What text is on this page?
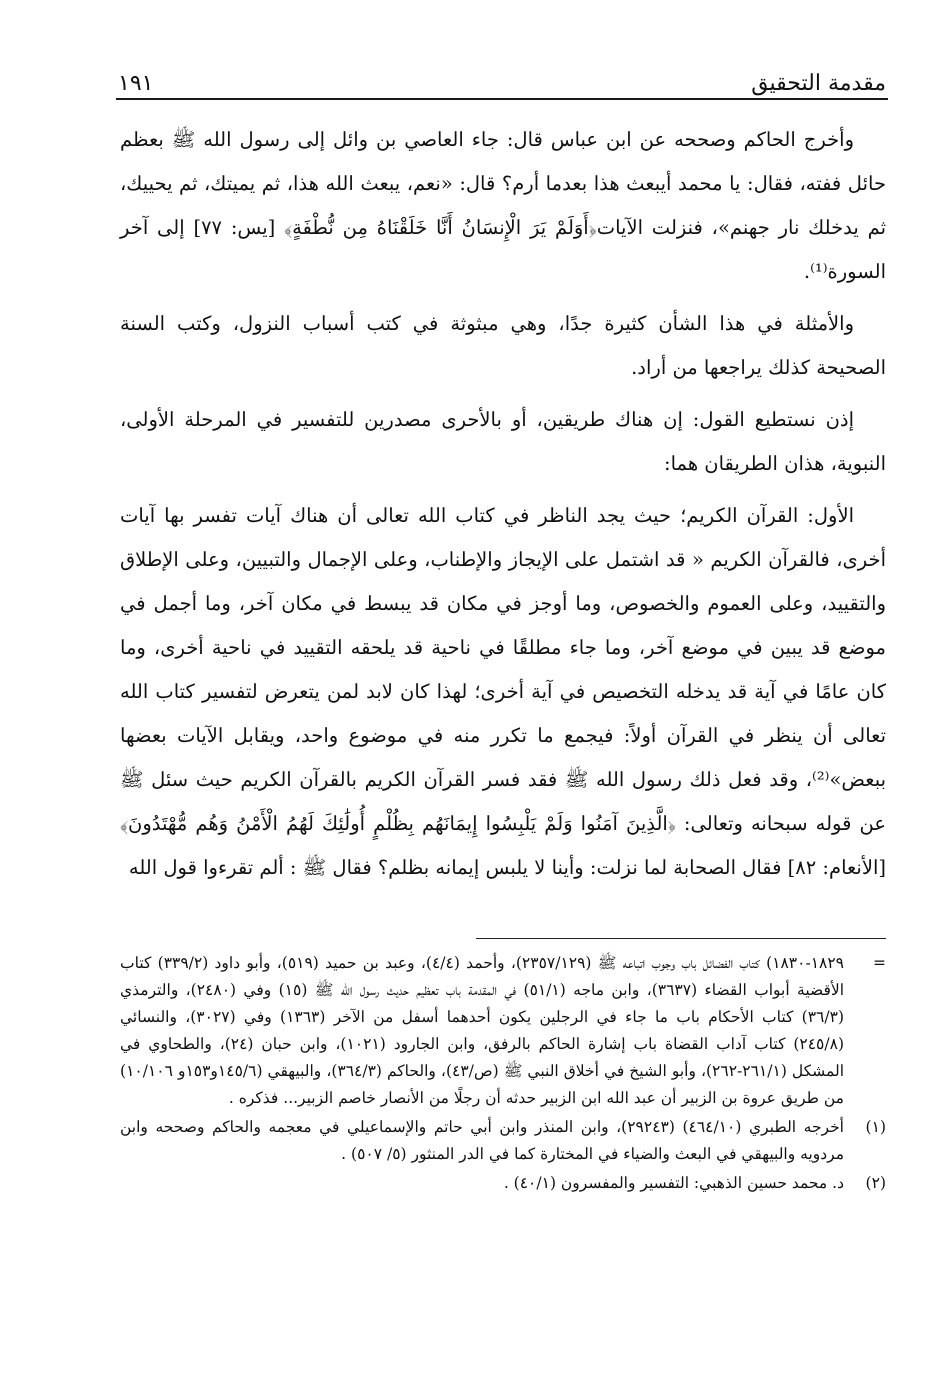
مقدمة التحقيق
١٩١

وأخرج الحاكم وصححه عن ابن عباس قال: جاء العاصي بن وائل إلى رسول الله ﷺ بعظم حائل ففته، فقال: يا محمد أيبعث هذا بعدما أرم؟ قال: «نعم، يبعث الله هذا، ثم يميتك، ثم يحييك، ثم يدخلك نار جهنم»، فنزلت الآيات﴿أَوَلَمْ يَرَ الْإِنسَانُ أَنَّا خَلَقْنَاهُ مِن نُّطْفَةٍ﴾ [يس: ٧٧] إلى آخر السورة⁽¹⁾.

والأمثلة في هذا الشأن كثيرة جدًا، وهي مبثوثة في كتب أسباب النزول، وكتب السنة الصحيحة كذلك يراجعها من أراد.

إذن نستطيع القول: إن هناك طريقين، أو بالأحرى مصدرين للتفسير في المرحلة الأولى، النبوية، هذان الطريقان هما:

الأول: القرآن الكريم؛ حيث يجد الناظر في كتاب الله تعالى أن هناك آيات تفسر بها آيات أخرى، فالقرآن الكريم « قد اشتمل على الإيجاز والإطناب، وعلى الإجمال والتبيين، وعلى الإطلاق والتقييد، وعلى العموم والخصوص، وما أوجز في مكان قد يبسط في مكان آخر، وما أجمل في موضع قد يبين في موضع آخر، وما جاء مطلقًا في ناحية قد يلحقه التقييد في ناحية أخرى، وما كان عامًا في آية قد يدخله التخصيص في آية أخرى؛ لهذا كان لابد لمن يتعرض لتفسير كتاب الله تعالى أن ينظر في القرآن أولاً: فيجمع ما تكرر منه في موضوع واحد، ويقابل الآيات بعضها ببعض»⁽²⁾، وقد فعل ذلك رسول الله ﷺ فقد فسر القرآن الكريم بالقرآن الكريم حيث سئل ﷺ عن قوله سبحانه وتعالى: ﴿الَّذِينَ آمَنُوا وَلَمْ يَلْبِسُوا إِيمَانَهُم بِظُلْمٍ أُولَٰئِكَ لَهُمُ الْأَمْنُ وَهُم مُّهْتَدُونَ﴾ [الأنعام: ٨٢] فقال الصحابة لما نزلت: وأينا لا يلبس إيمانه بظلم؟ فقال ﷺ : ألم تقرءوا قول الله

=
١٨٢٩-١٨٣٠) كتاب الفضائل باب وجوب اتباعه ﷺ (٢٣٥٧/١٢٩)، وأحمد (٤/٤)، وعبد بن حميد (٥١٩)، وأبو داود (٣٣٩/٢) كتاب الأقضية أبواب القضاء (٣٦٣٧)، وابن ماجه (٥١/١) في المقدمة باب تعظيم حديث رسول الله ﷺ (١٥) وفي (٢٤٨٠)، والترمذي (٣٦/٣) كتاب الأحكام باب ما جاء في الرجلين يكون أحدهما أسفل من الآخر (١٣٦٣) وفي (٣٠٢٧)، والنسائي (٢٤٥/٨) كتاب آداب القضاة باب إشارة الحاكم بالرفق، وابن الجارود (١٠٢١)، وابن حبان (٢٤)، والطحاوي في المشكل (٢٦١/١-٢٦٢)، وأبو الشيخ في أخلاق النبي ﷺ (ص/٤٣)، والحاكم (٣٦٤/٣)، والبيهقي (١٤٥/٦و١٥٣و ١٠/١٠٦) من طريق عروة بن الزبير أن عبد الله ابن الزبير حدثه أن رجلًا من الأنصار خاصم الزبير... فذكره .
(١)
أخرجه الطبري (٤٦٤/١٠) (٢٩٢٤٣)، وابن المنذر وابن أبي حاتم والإسماعيلي في معجمه والحاكم وصححه وابن مردويه والبيهقي في البعث والضياء في المختارة كما في الدر المنثور (٥/ ٥٠٧) .
(٢)
د. محمد حسين الذهبي: التفسير والمفسرون (٤٠/١) .
